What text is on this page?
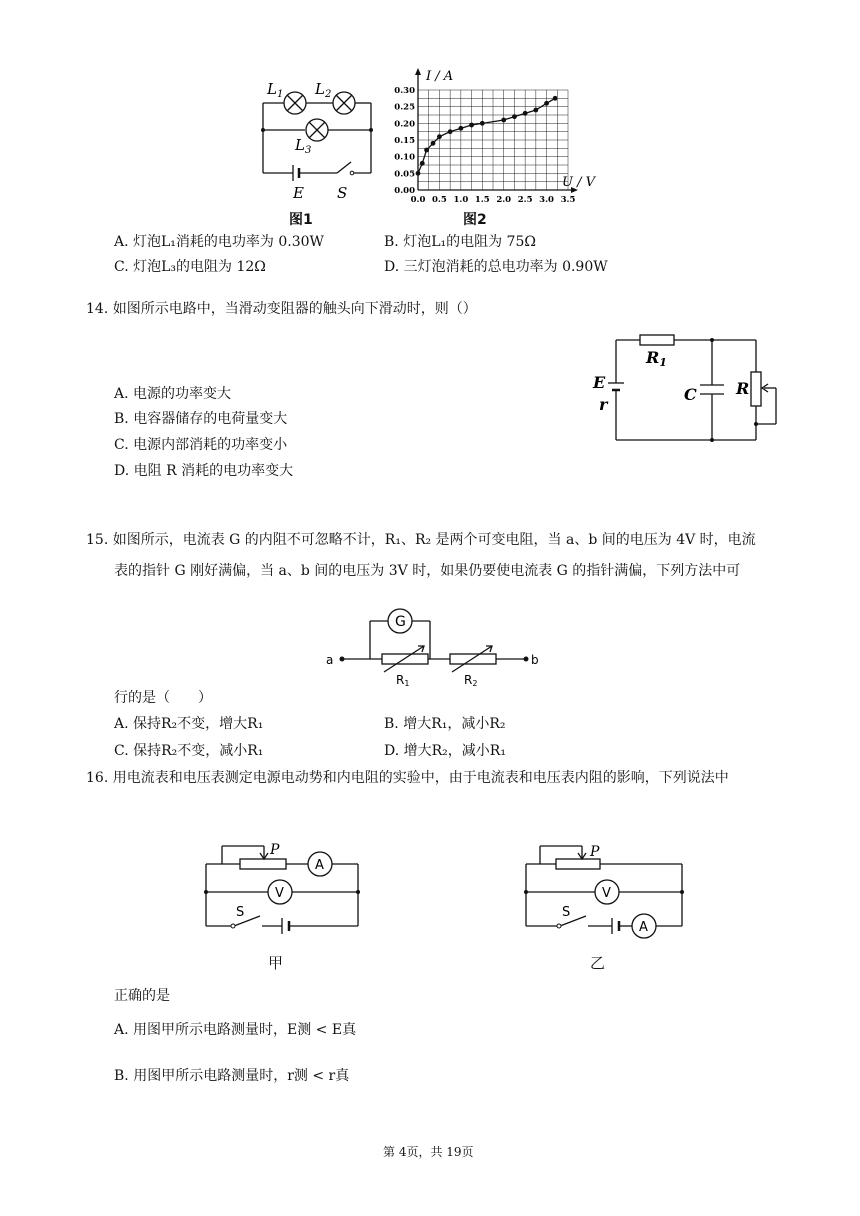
$L_1$ $L_2$
$L_3$
E S	0.0 0.5 1.0 1.5 2.0 2.5 3.0 3.5
0.00
0.05
0.10
0.15
0.20
0.25
0.30
I / A
U / V
图1	图2
A. 灯泡L₁消耗的电功率为 0.30W	B. 灯泡L₁的电阻为 75Ω
C. 灯泡L₃的电阻为 12Ω	D. 三灯泡消耗的总电功率为 0.90W
14. 如图所示电路中，当滑动变阻器的触头向下滑动时，则（）
A. 电源的功率变大
B. 电容器储存的电荷量变大
C. 电源内部消耗的功率变小
D. 电阻 R 消耗的电功率变大
E
r
R1
C R
15. 如图所示，电流表 G 的内阻不可忽略不计，R₁、R₂ 是两个可变电阻，当 a、b 间的电压为 4V 时，电流
表的指针 G 刚好满偏，当 a、b 间的电压为 3V 时，如果仍要使电流表 G 的指针满偏，下列方法中可
G
a	b
R1	R2
行的是（　　）
A. 保持R₂不变，增大R₁	B. 增大R₁，减小R₂
C. 保持R₂不变，减小R₁	D. 增大R₂，减小R₁
16. 用电流表和电压表测定电源电动势和内电阻的实验中，由于电流表和电压表内阻的影响，下列说法中
P
A
V
S
P
V
S
A
甲	乙
正确的是
A. 用图甲所示电路测量时，E测 < E真
B. 用图甲所示电路测量时，r测 < r真
第 4页，共 19页
